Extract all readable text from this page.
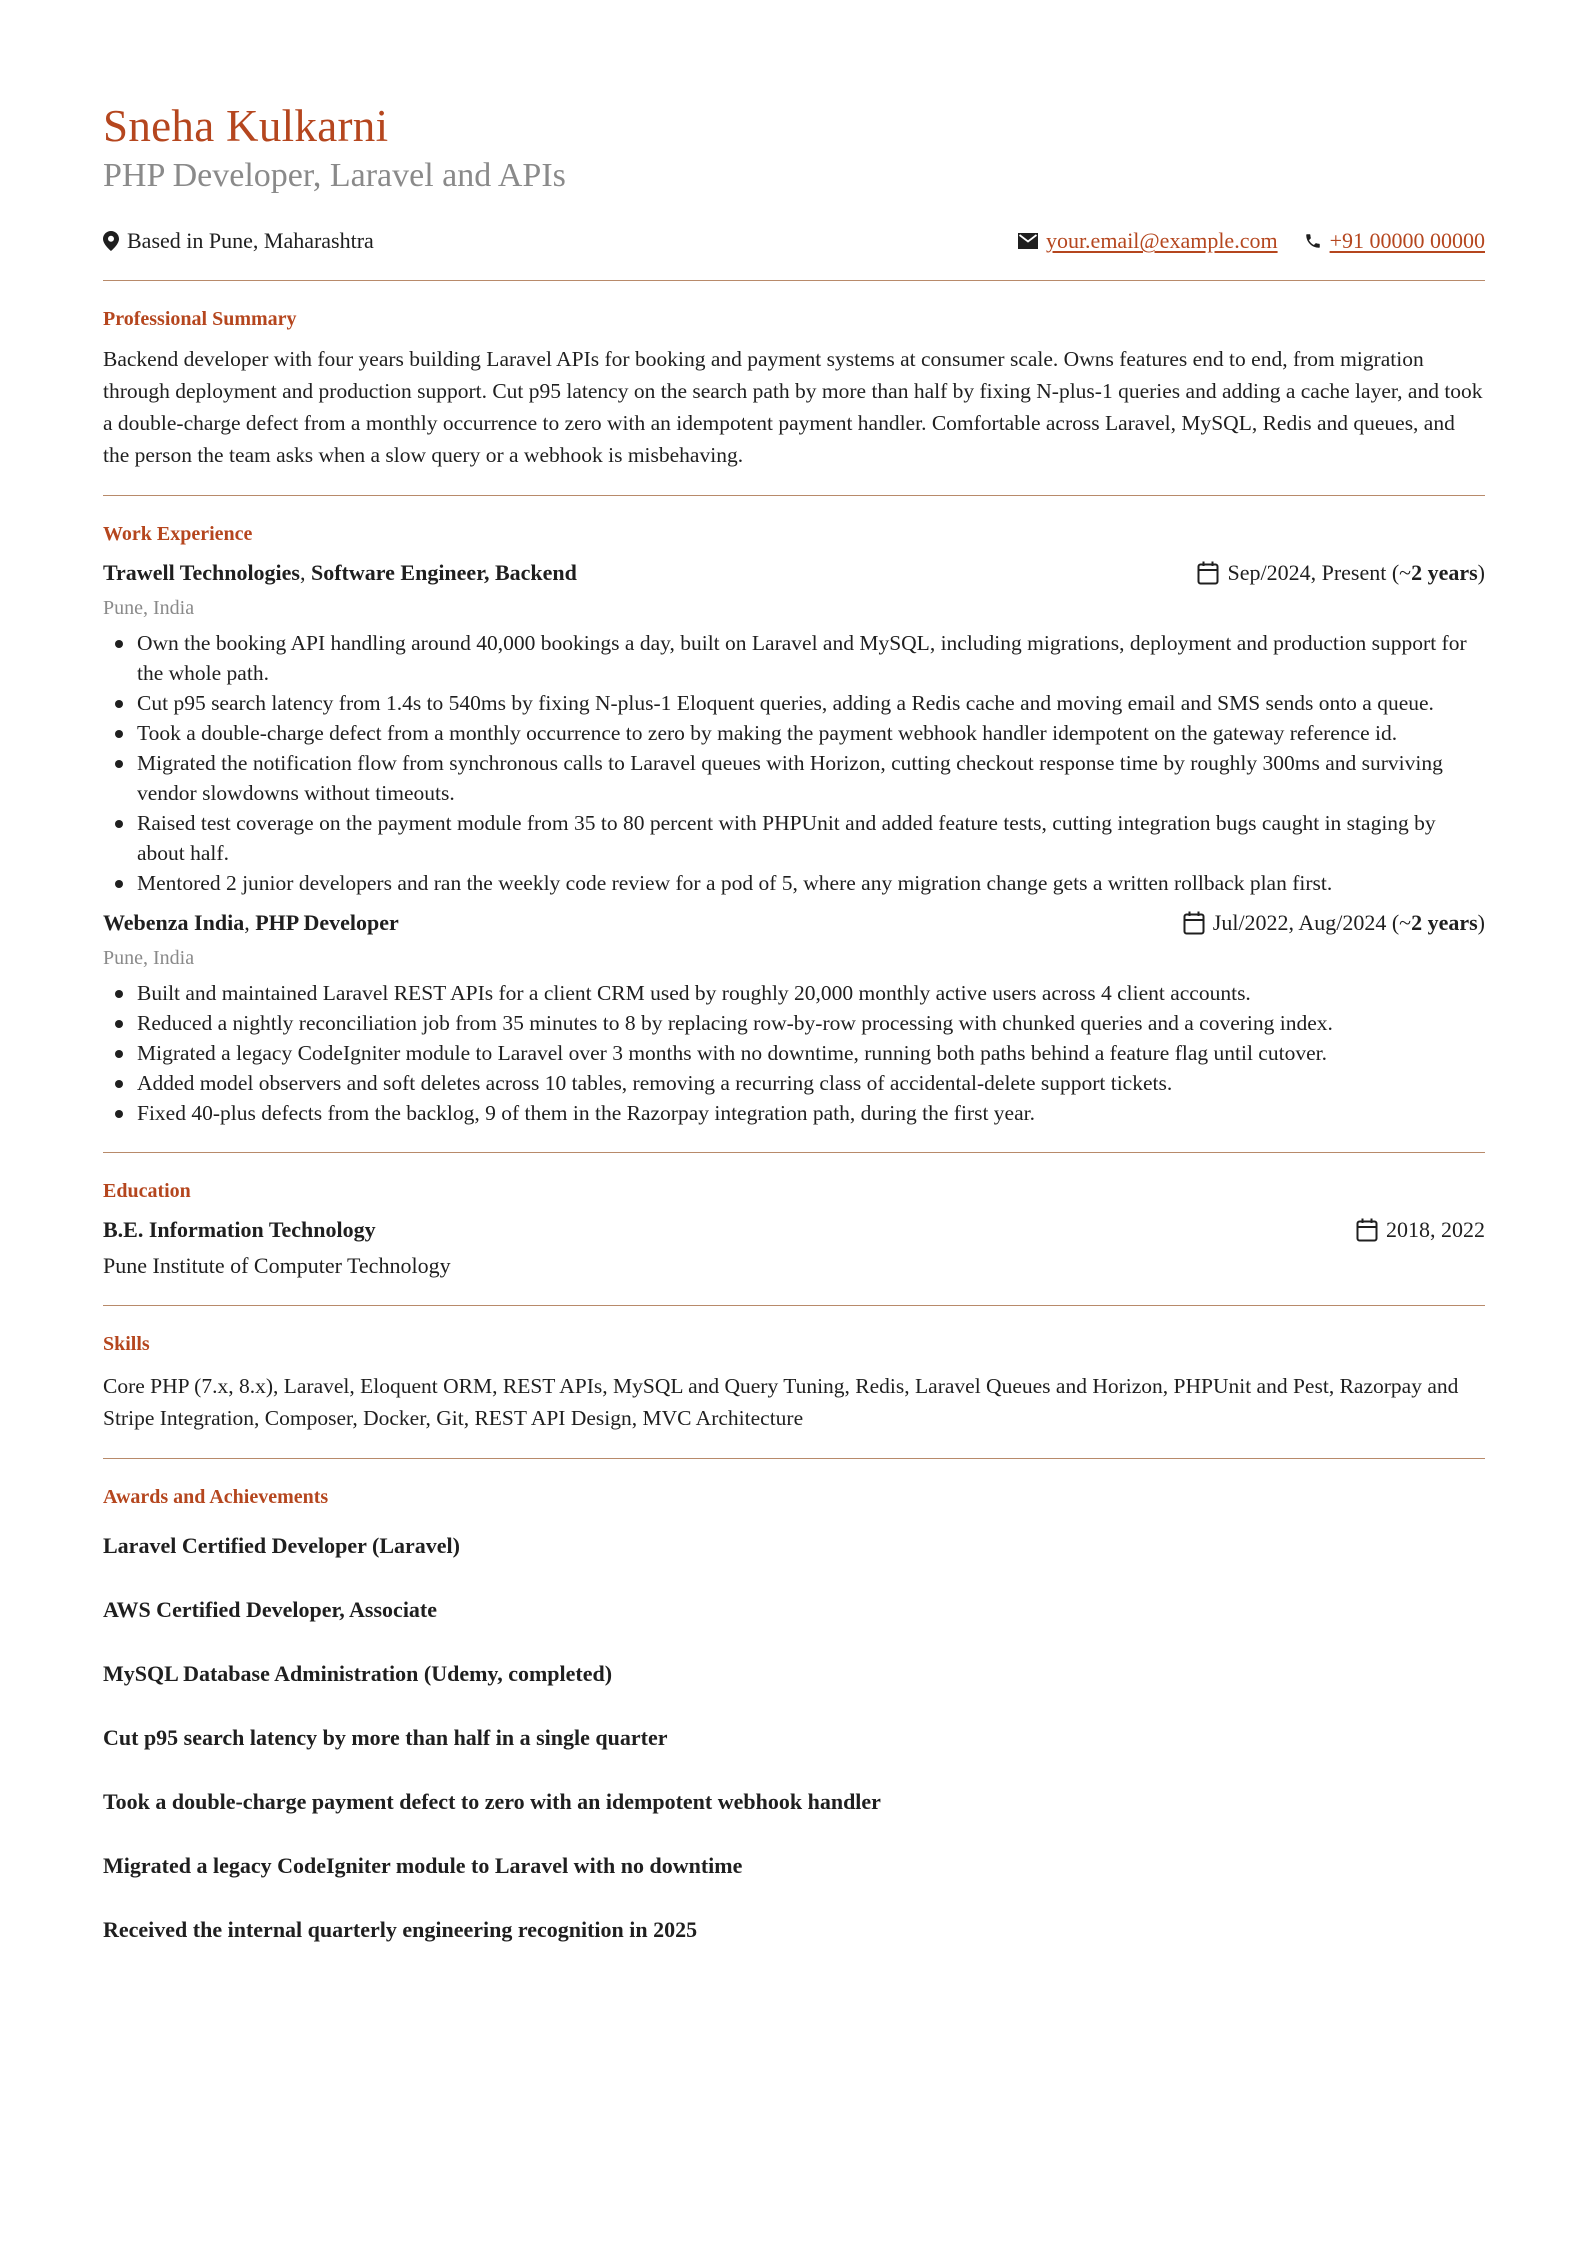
Sneha Kulkarni
PHP Developer, Laravel and APIs
Based in Pune, Maharashtra	your.email@example.com +91 00000 00000
Professional Summary
Backend developer with four years building Laravel APIs for booking and payment systems at consumer scale. Owns features end to end, from migration through deployment and production support. Cut p95 latency on the search path by more than half by fixing N-plus-1 queries and adding a cache layer, and took a double-charge defect from a monthly occurrence to zero with an idempotent payment handler. Comfortable across Laravel, MySQL, Redis and queues, and the person the team asks when a slow query or a webhook is misbehaving.
Work Experience
Trawell Technologies, Software Engineer, Backend	Sep/2024, Present (~ 2 years )
Pune, India
Own the booking API handling around 40,000 bookings a day, built on Laravel and MySQL, including migrations, deployment and production support for the whole path.
Cut p95 search latency from 1.4s to 540ms by fixing N-plus-1 Eloquent queries, adding a Redis cache and moving email and SMS sends onto a queue.
Took a double-charge defect from a monthly occurrence to zero by making the payment webhook handler idempotent on the gateway reference id.
Migrated the notification flow from synchronous calls to Laravel queues with Horizon, cutting checkout response time by roughly 300ms and surviving vendor slowdowns without timeouts.
Raised test coverage on the payment module from 35 to 80 percent with PHPUnit and added feature tests, cutting integration bugs caught in staging by about half.
Mentored 2 junior developers and ran the weekly code review for a pod of 5, where any migration change gets a written rollback plan first.
Webenza India, PHP Developer	Jul/2022, Aug/2024 (~ 2 years )
Pune, India
Built and maintained Laravel REST APIs for a client CRM used by roughly 20,000 monthly active users across 4 client accounts.
Reduced a nightly reconciliation job from 35 minutes to 8 by replacing row-by-row processing with chunked queries and a covering index.
Migrated a legacy CodeIgniter module to Laravel over 3 months with no downtime, running both paths behind a feature flag until cutover.
Added model observers and soft deletes across 10 tables, removing a recurring class of accidental-delete support tickets.
Fixed 40-plus defects from the backlog, 9 of them in the Razorpay integration path, during the first year.
Education
B.E. Information Technology	2018, 2022
Pune Institute of Computer Technology
Skills
Core PHP (7.x, 8.x), Laravel, Eloquent ORM, REST APIs, MySQL and Query Tuning, Redis, Laravel Queues and Horizon, PHPUnit and Pest, Razorpay and Stripe Integration, Composer, Docker, Git, REST API Design, MVC Architecture
Awards and Achievements
Laravel Certified Developer (Laravel)
AWS Certified Developer, Associate
MySQL Database Administration (Udemy, completed)
Cut p95 search latency by more than half in a single quarter
Took a double-charge payment defect to zero with an idempotent webhook handler
Migrated a legacy CodeIgniter module to Laravel with no downtime
Received the internal quarterly engineering recognition in 2025
